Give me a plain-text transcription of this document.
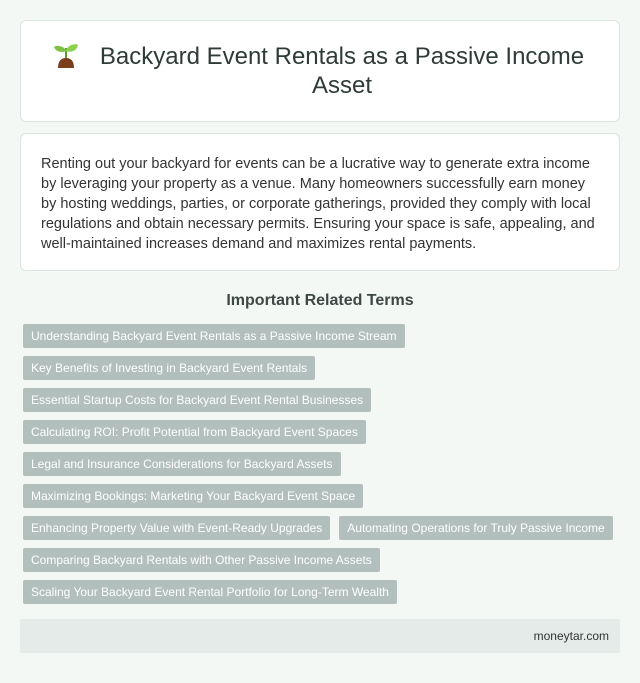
Backyard Event Rentals as a Passive Income Asset

Renting out your backyard for events can be a lucrative way to generate extra income by leveraging your property as a venue. Many homeowners successfully earn money by hosting weddings, parties, or corporate gatherings, provided they comply with local regulations and obtain necessary permits. Ensuring your space is safe, appealing, and well-maintained increases demand and maximizes rental payments.

Important Related Terms
Understanding Backyard Event Rentals as a Passive Income Stream
Key Benefits of Investing in Backyard Event Rentals
Essential Startup Costs for Backyard Event Rental Businesses
Calculating ROI: Profit Potential from Backyard Event Spaces
Legal and Insurance Considerations for Backyard Assets
Maximizing Bookings: Marketing Your Backyard Event Space
Enhancing Property Value with Event-Ready Upgrades	Automating Operations for Truly Passive Income
Comparing Backyard Rentals with Other Passive Income Assets
Scaling Your Backyard Event Rental Portfolio for Long-Term Wealth
moneytar.com
